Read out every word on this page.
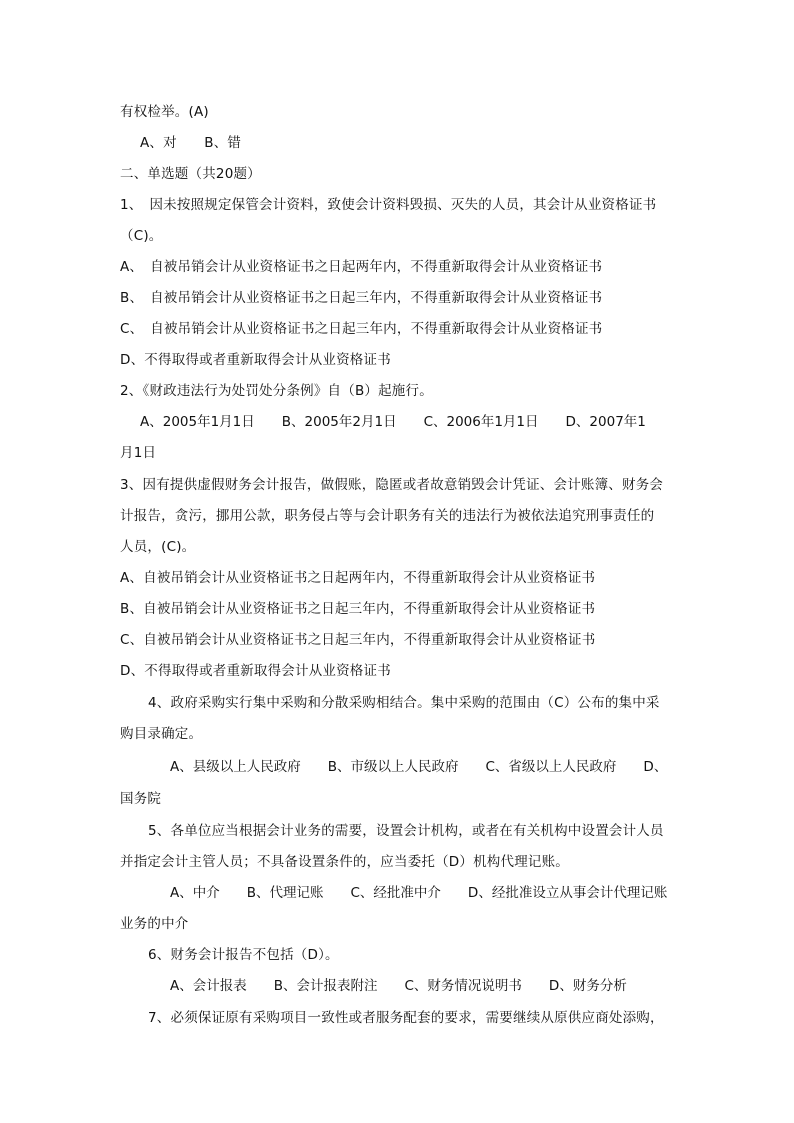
有权检举。(A)
A、对　　B、错
二、单选题（共20题）
1、　因未按照规定保管会计资料，致使会计资料毁损、灭失的人员，其会计从业资格证书
（C)。
A、　自被吊销会计从业资格证书之日起两年内，不得重新取得会计从业资格证书
B、　自被吊销会计从业资格证书之日起三年内，不得重新取得会计从业资格证书
C、　自被吊销会计从业资格证书之日起三年内，不得重新取得会计从业资格证书
D、不得取得或者重新取得会计从业资格证书
2、《财政违法行为处罚处分条例》自（B）起施行。
A、2005年1月1日　　B、2005年2月1日　　C、2006年1月1日　　D、2007年1
月1日
3、因有提供虚假财务会计报告，做假账，隐匿或者故意销毁会计凭证、会计账簿、财务会
计报告，贪污，挪用公款，职务侵占等与会计职务有关的违法行为被依法追究刑事责任的
人员，(C)。
A、自被吊销会计从业资格证书之日起两年内，不得重新取得会计从业资格证书
B、自被吊销会计从业资格证书之日起三年内，不得重新取得会计从业资格证书
C、自被吊销会计从业资格证书之日起三年内，不得重新取得会计从业资格证书
D、不得取得或者重新取得会计从业资格证书
4、政府采购实行集中采购和分散采购相结合。集中采购的范围由（C）公布的集中采
购目录确定。
A、县级以上人民政府　　B、市级以上人民政府　　C、省级以上人民政府　　D、
国务院
5、各单位应当根据会计业务的需要，设置会计机构，或者在有关机构中设置会计人员
并指定会计主管人员；不具备设置条件的，应当委托（D）机构代理记账。
A、中介　　B、代理记账　　C、经批准中介　　D、经批准设立从事会计代理记账
业务的中介
6、财务会计报告不包括（D）。
A、会计报表　　B、会计报表附注　　C、财务情况说明书　　D、财务分析
7、必须保证原有采购项目一致性或者服务配套的要求，需要继续从原供应商处添购，
